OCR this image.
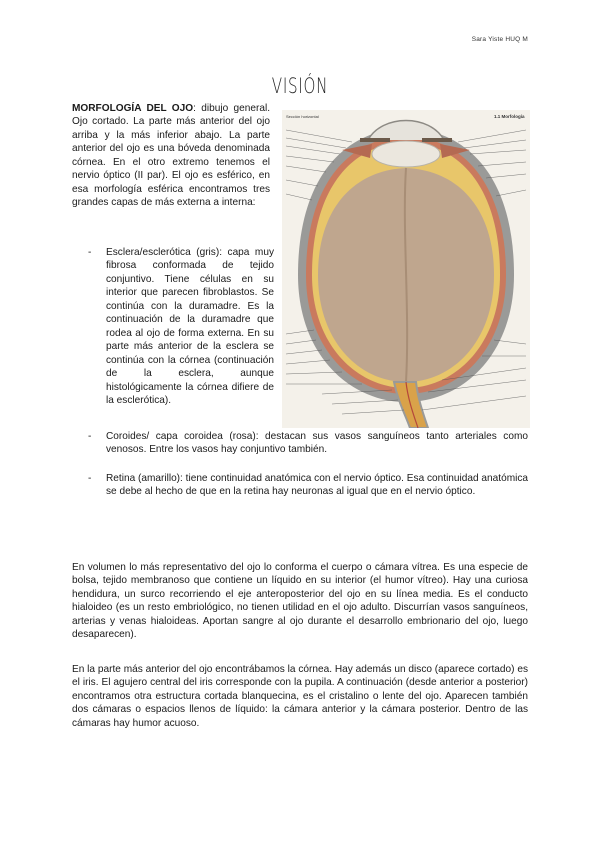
Sara Yiste HUQ M
VISIÓN
MORFOLOGÍA DEL OJO: dibujo general. Ojo cortado. La parte más anterior del ojo arriba y la más inferior abajo. La parte anterior del ojo es una bóveda denominada córnea. En el otro extremo tenemos el nervio óptico (II par). El ojo es esférico, en esa morfología esférica encontramos tres grandes capas de más externa a interna:
- Esclera/esclerótica (gris): capa muy fibrosa conformada de tejido conjuntivo. Tiene células en su interior que parecen fibroblastos. Se continúa con la duramadre. Es la continuación de la duramadre que rodea al ojo de forma externa. En su parte más anterior de la esclera se continúa con la córnea (continuación de la esclera, aunque histológicamente la córnea difiere de la esclerótica).
Sección horizontal	1.1 Morfología
- Coroides/ capa coroidea (rosa): destacan sus vasos sanguíneos tanto arteriales como venosos. Entre los vasos hay conjuntivo también.
- Retina (amarillo): tiene continuidad anatómica con el nervio óptico. Esa continuidad anatómica se debe al hecho de que en la retina hay neuronas al igual que en el nervio óptico.
En volumen lo más representativo del ojo lo conforma el cuerpo o cámara vítrea. Es una especie de bolsa, tejido membranoso que contiene un líquido en su interior (el humor vítreo). Hay una curiosa hendidura, un surco recorriendo el eje anteroposterior del ojo en su línea media. Es el conducto hialoideo (es un resto embriológico, no tienen utilidad en el ojo adulto. Discurrían vasos sanguíneos, arterias y venas hialoideas. Aportan sangre al ojo durante el desarrollo embrionario del ojo, luego desaparecen).
En la parte más anterior del ojo encontrábamos la córnea. Hay además un disco (aparece cortado) es el iris. El agujero central del iris corresponde con la pupila. A continuación (desde anterior a posterior) encontramos otra estructura cortada blanquecina, es el cristalino o lente del ojo. Aparecen también dos cámaras o espacios llenos de líquido: la cámara anterior y la cámara posterior. Dentro de las cámaras hay humor acuoso.
